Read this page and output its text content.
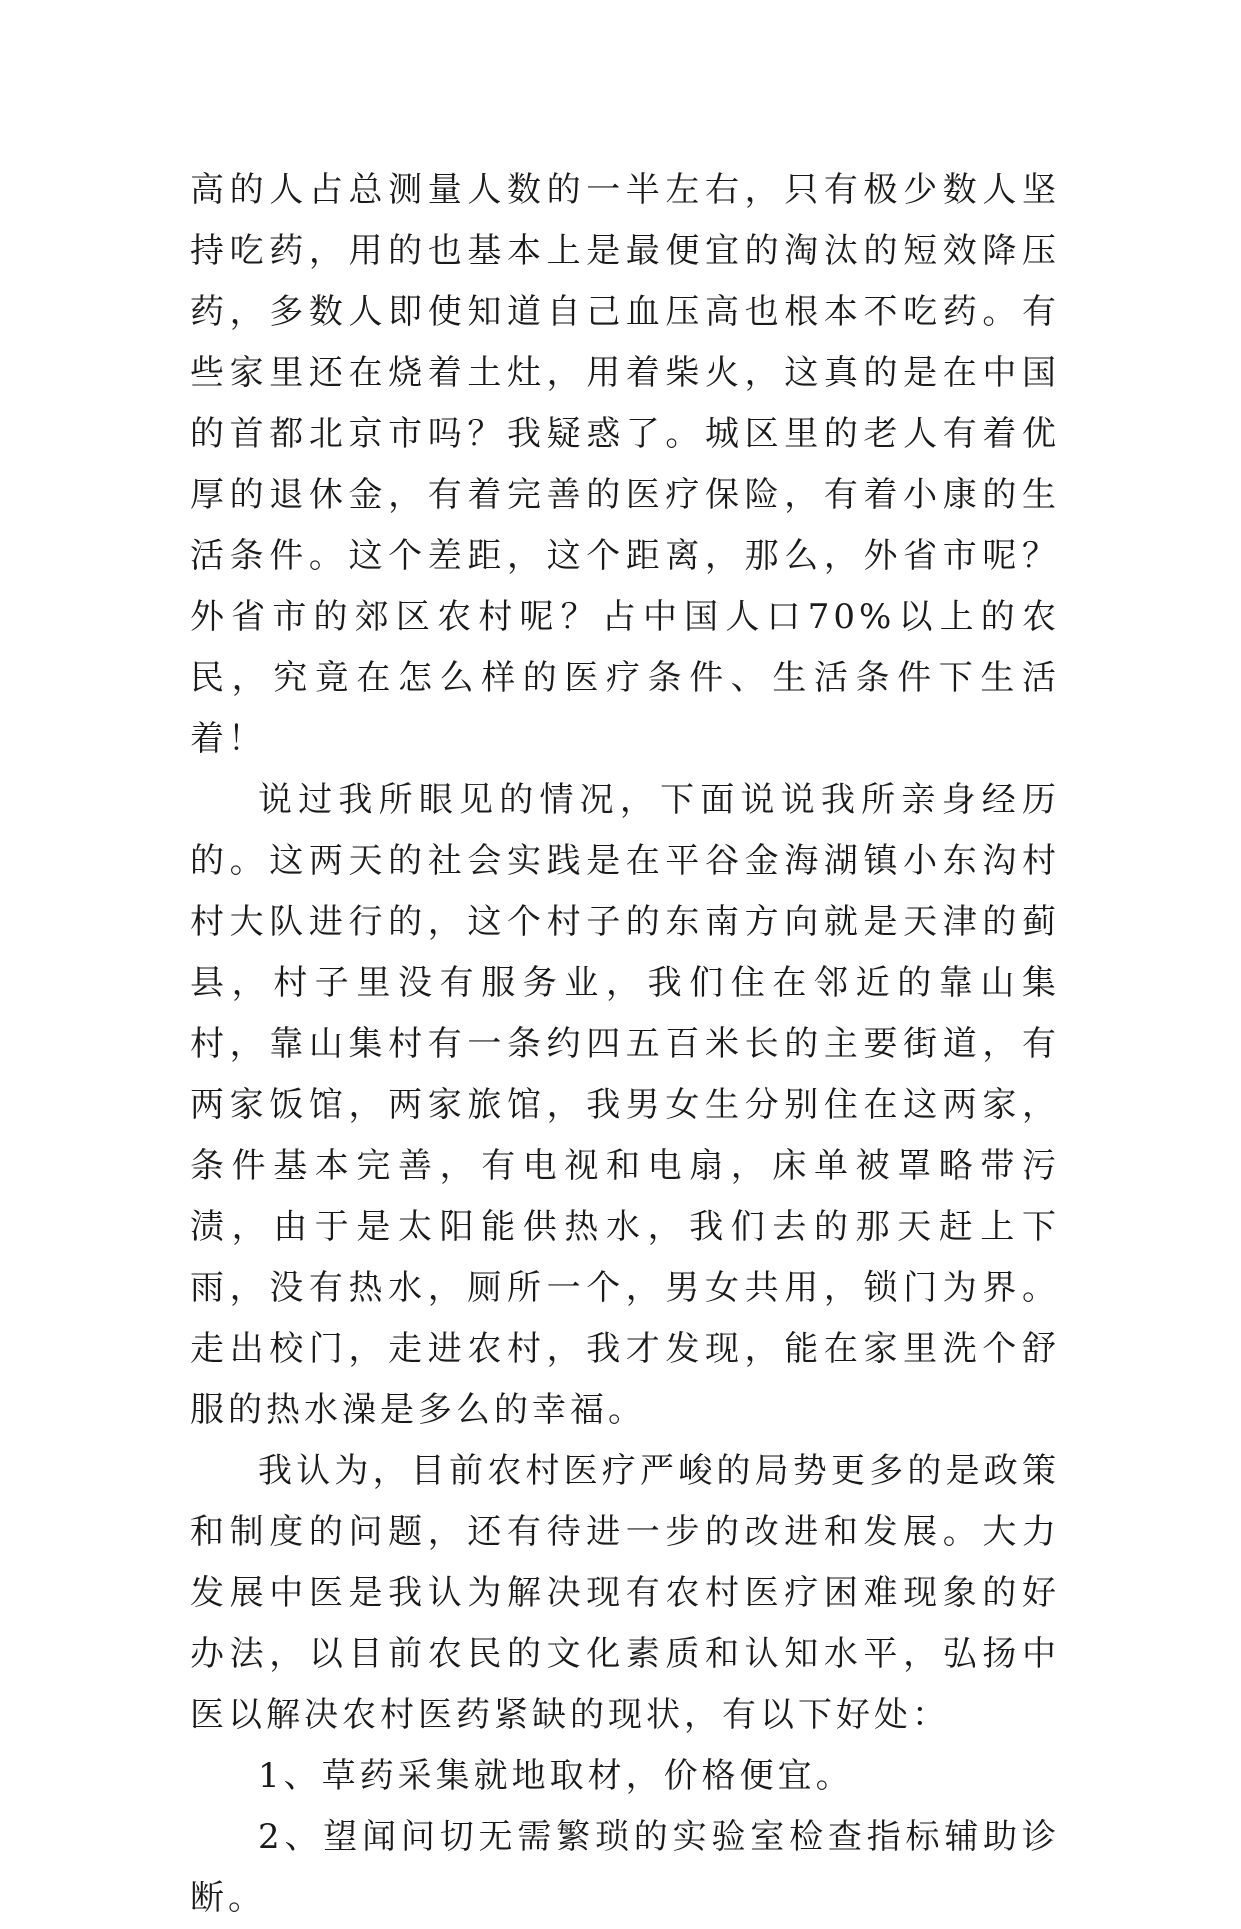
高的人占总测量人数的一半左右，只有极少数人坚持吃药，用的也基本上是最便宜的淘汰的短效降压药，多数人即使知道自己血压高也根本不吃药。有些家里还在烧着土灶，用着柴火，这真的是在中国的首都北京市吗？我疑惑了。城区里的老人有着优厚的退休金，有着完善的医疗保险，有着小康的生活条件。这个差距，这个距离，那么，外省市呢？外省市的郊区农村呢？占中国人口70%以上的农民，究竟在怎么样的医疗条件、生活条件下生活着！

说过我所眼见的情况，下面说说我所亲身经历的。这两天的社会实践是在平谷金海湖镇小东沟村村大队进行的，这个村子的东南方向就是天津的蓟县，村子里没有服务业，我们住在邻近的靠山集村，靠山集村有一条约四五百米长的主要街道，有两家饭馆，两家旅馆，我男女生分别住在这两家，条件基本完善，有电视和电扇，床单被罩略带污渍，由于是太阳能供热水，我们去的那天赶上下雨，没有热水，厕所一个，男女共用，锁门为界。走出校门，走进农村，我才发现，能在家里洗个舒服的热水澡是多么的幸福。

我认为，目前农村医疗严峻的局势更多的是政策和制度的问题，还有待进一步的改进和发展。大力发展中医是我认为解决现有农村医疗困难现象的好办法，以目前农民的文化素质和认知水平，弘扬中医以解决农村医药紧缺的现状，有以下好处：

1、草药采集就地取材，价格便宜。

2、望闻问切无需繁琐的实验室检查指标辅助诊断。
